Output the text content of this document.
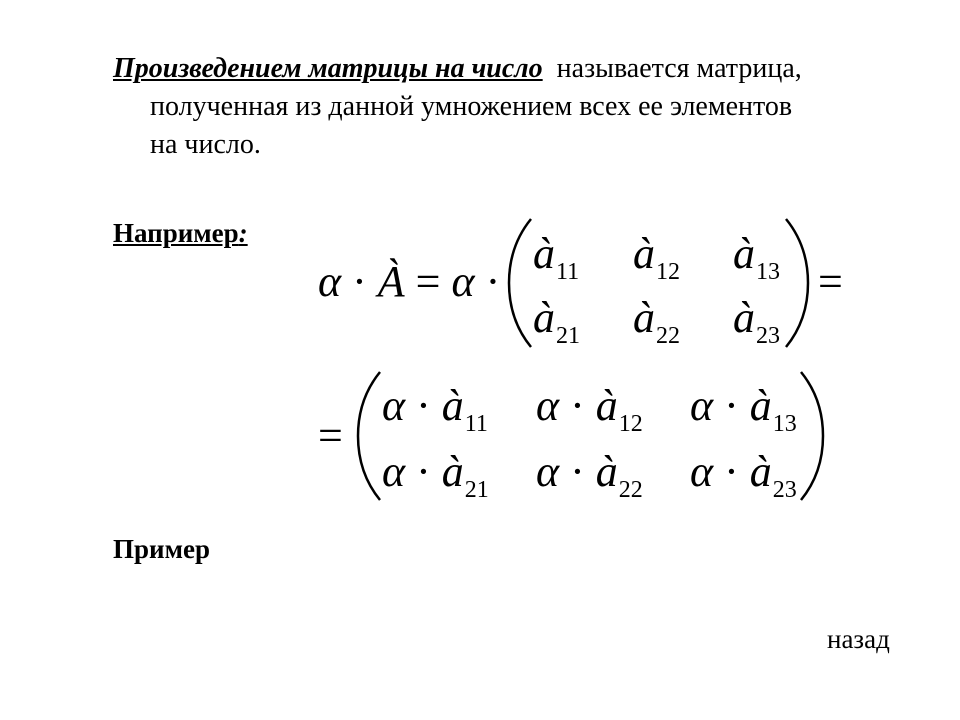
Произведением матрицы на число называется матрица,
полученная из данной умножением всех ее элементов
на число.
Например:
α · À = α ·
$à_{11}$ $à_{12}$ $à_{13}$
$à_{21}$ $à_{22}$ $à_{23}$
=
=
$\alpha \cdot à_{11}$ $\alpha \cdot à_{12}$ $\alpha \cdot à_{13}$
$\alpha \cdot à_{21}$ $\alpha \cdot à_{22}$ $\alpha \cdot à_{23}$
Пример
назад
